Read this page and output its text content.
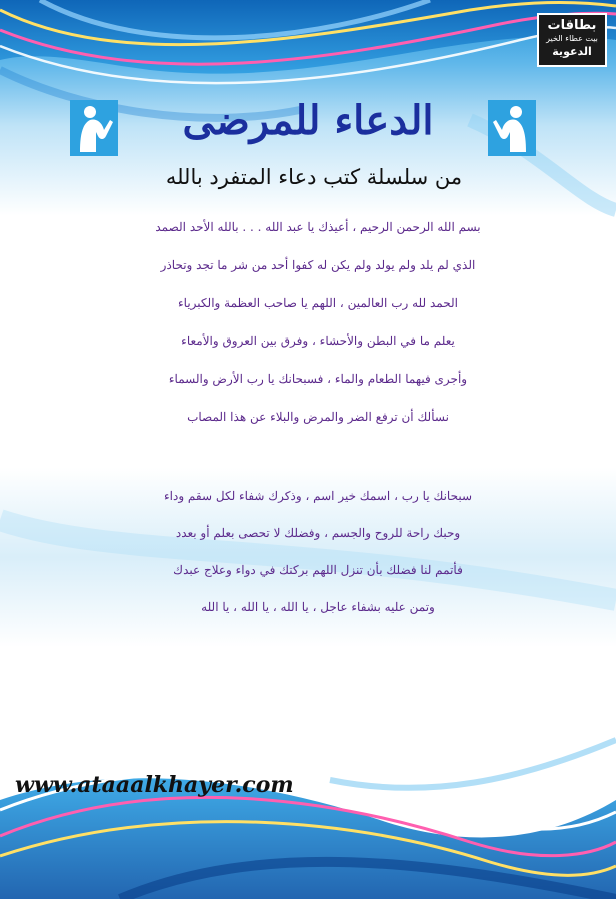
بطاقات
بيت عطاء الخير
الدعوية
الدعاء للمرضى
من سلسلة كتب دعاء المتفرد بالله
بسم الله الرحمن الرحيم ، أعيذك يا عبد الله . . . بالله الأحد الصمد
الذي لم يلد ولم يولد ولم يكن له كفوا أحد من شر ما تجد وتحاذر
الحمد لله رب العالمين ، اللهم يا صاحب العظمة والكبرياء
يعلم ما في البطن والأحشاء ، وفرق بين العروق والأمعاء
وأجرى فيهما الطعام والماء ، فسبحانك يا رب الأرض والسماء
نسألك أن ترفع الضر والمرض والبلاء عن هذا المصاب
سبحانك يا رب ، اسمك خير اسم ، وذكرك شفاء لكل سقم وداء
وحبك راحة للروح والجسم ، وفضلك لا تحصى بعلم أو بعدد
فأتمم لنا فضلك بأن تنزل اللهم بركتك في دواء وعلاج عبدك
وتمن عليه بشفاء عاجل ، يا الله ، يا الله ، يا الله
www.ataaalkhayer.com
